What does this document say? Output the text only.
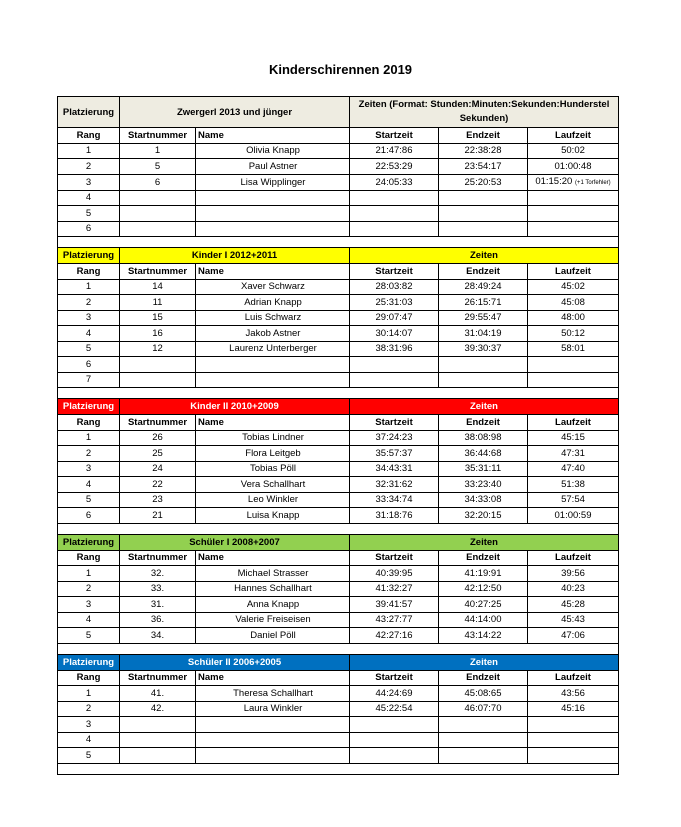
Kinderschirennen 2019
Platzierung	Zwergerl 2013 und jünger		Zeiten (Format: Stunden:Minuten:Sekunden:Hunderstel Sekunden)		
Rang	Startnummer	Name	Startzeit	Endzeit	Laufzeit
1	1	Olivia Knapp	21:47:86	22:38:28	50:02
2	5	Paul Astner	22:53:29	23:54:17	01:00:48
3	6	Lisa Wipplinger	24:05:33	25:20:53	01:15:20 (+1 Torfehler)
4					
5					
6					

Platzierung	Kinder I 2012+2011		Zeiten		
Rang	Startnummer	Name	Startzeit	Endzeit	Laufzeit
1	14	Xaver Schwarz	28:03:82	28:49:24	45:02
2	11	Adrian Knapp	25:31:03	26:15:71	45:08
3	15	Luis Schwarz	29:07:47	29:55:47	48:00
4	16	Jakob Astner	30:14:07	31:04:19	50:12
5	12	Laurenz Unterberger	38:31:96	39:30:37	58:01
6					
7					

Platzierung	Kinder II 2010+2009		Zeiten		
Rang	Startnummer	Name	Startzeit	Endzeit	Laufzeit
1	26	Tobias Lindner	37:24:23	38:08:98	45:15
2	25	Flora Leitgeb	35:57:37	36:44:68	47:31
3	24	Tobias Pöll	34:43:31	35:31:11	47:40
4	22	Vera Schallhart	32:31:62	33:23:40	51:38
5	23	Leo Winkler	33:34:74	34:33:08	57:54
6	21	Luisa Knapp	31:18:76	32:20:15	01:00:59

Platzierung	Schüler I 2008+2007		Zeiten		
Rang	Startnummer	Name	Startzeit	Endzeit	Laufzeit
1	32.	Michael Strasser	40:39:95	41:19:91	39:56
2	33.	Hannes Schallhart	41:32:27	42:12:50	40:23
3	31.	Anna Knapp	39:41:57	40:27:25	45:28
4	36.	Valerie Freiseisen	43:27:77	44:14:00	45:43
5	34.	Daniel Pöll	42:27:16	43:14:22	47:06

Platzierung	Schüler II 2006+2005		Zeiten		
Rang	Startnummer	Name	Startzeit	Endzeit	Laufzeit
1	41.	Theresa Schallhart	44:24:69	45:08:65	43:56
2	42.	Laura Winkler	45:22:54	46:07:70	45:16
3					
4					
5					
